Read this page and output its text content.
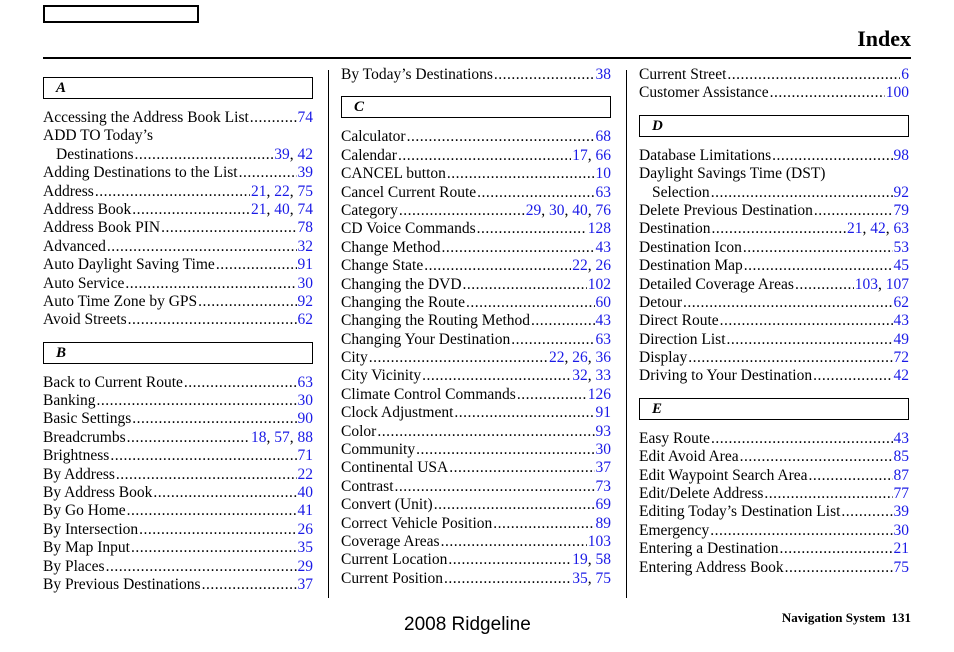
Index
A
Accessing the Address Book List .....	74
ADD TO Today’s
Destinations .....	39, 42
Adding Destinations to the List .....	39
Address .....	21, 22, 75
Address Book .....	21, 40, 74
Address Book PIN .....	78
Advanced .....	32
Auto Daylight Saving Time .....	91
Auto Service .....	30
Auto Time Zone by GPS .....	92
Avoid Streets .....	62
B
Back to Current Route .....	63
Banking .....	30
Basic Settings .....	90
Breadcrumbs .....	18, 57, 88
Brightness .....	71
By Address .....	22
By Address Book .....	40
By Go Home .....	41
By Intersection .....	26
By Map Input .....	35
By Places .....	29
By Previous Destinations .....	37
By Today’s Destinations .....	38
C
Calculator .....	68
Calendar .....	17, 66
CANCEL button .....	10
Cancel Current Route .....	63
Category .....	29, 30, 40, 76
CD Voice Commands .....	128
Change Method .....	43
Change State .....	22, 26
Changing the DVD .....	102
Changing the Route .....	60
Changing the Routing Method .....	43
Changing Your Destination .....	63
City .....	22, 26, 36
City Vicinity .....	32, 33
Climate Control Commands .....	126
Clock Adjustment .....	91
Color .....	93
Community .....	30
Continental USA .....	37
Contrast .....	73
Convert (Unit) .....	69
Correct Vehicle Position .....	89
Coverage Areas .....	103
Current Location .....	19, 58
Current Position .....	35, 75
Current Street .....	6
Customer Assistance .....	100
D
Database Limitations .....	98
Daylight Savings Time (DST)
Selection .....	92
Delete Previous Destination .....	79
Destination .....	21, 42, 63
Destination Icon .....	53
Destination Map .....	45
Detailed Coverage Areas .....	103, 107
Detour .....	62
Direct Route .....	43
Direction List .....	49
Display .....	72
Driving to Your Destination .....	42
E
Easy Route .....	43
Edit Avoid Area .....	85
Edit Waypoint Search Area .....	87
Edit/Delete Address .....	77
Editing Today’s Destination List .....	39
Emergency .....	30
Entering a Destination .....	21
Entering Address Book .....	75
2008 Ridgeline	Navigation System 131
